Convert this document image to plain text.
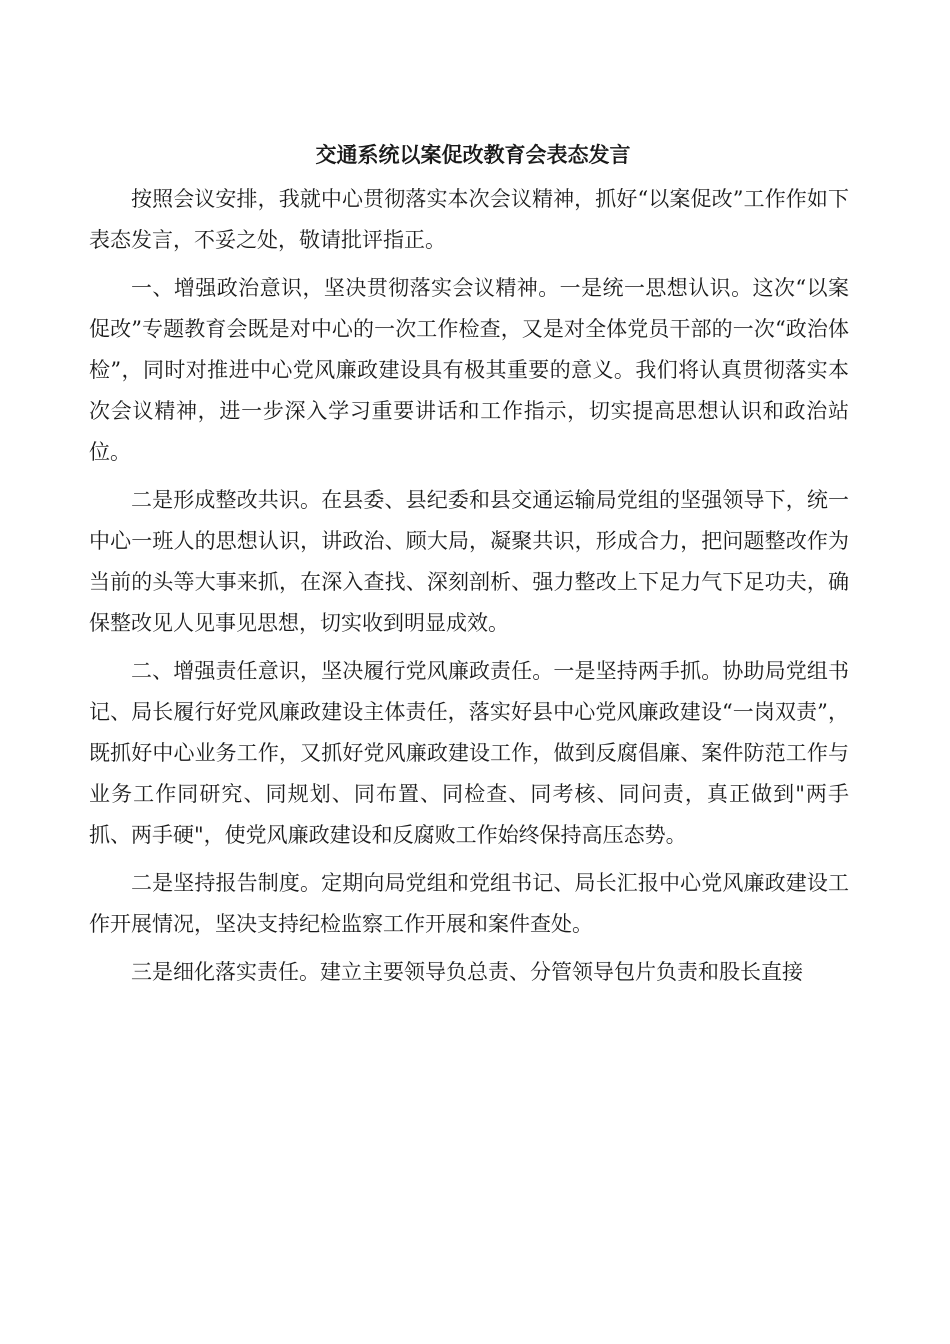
交通系统以案促改教育会表态发言

按照会议安排，我就中心贯彻落实本次会议精神，抓好“以案促改”工作作如下表态发言，不妥之处，敬请批评指正。

一、增强政治意识，坚决贯彻落实会议精神。一是统一思想认识。这次“以案促改”专题教育会既是对中心的一次工作检查，又是对全体党员干部的一次“政治体检”，同时对推进中心党风廉政建设具有极其重要的意义。我们将认真贯彻落实本次会议精神，进一步深入学习重要讲话和工作指示，切实提高思想认识和政治站位。

二是形成整改共识。在县委、县纪委和县交通运输局党组的坚强领导下，统一中心一班人的思想认识，讲政治、顾大局，凝聚共识，形成合力，把问题整改作为当前的头等大事来抓，在深入查找、深刻剖析、强力整改上下足力气下足功夫，确保整改见人见事见思想，切实收到明显成效。

二、增强责任意识，坚决履行党风廉政责任。一是坚持两手抓。协助局党组书记、局长履行好党风廉政建设主体责任，落实好县中心党风廉政建设“一岗双责”，既抓好中心业务工作，又抓好党风廉政建设工作，做到反腐倡廉、案件防范工作与业务工作同研究、同规划、同布置、同检查、同考核、同问责，真正做到"两手抓、两手硬"，使党风廉政建设和反腐败工作始终保持高压态势。

二是坚持报告制度。定期向局党组和党组书记、局长汇报中心党风廉政建设工作开展情况，坚决支持纪检监察工作开展和案件查处。

三是细化落实责任。建立主要领导负总责、分管领导包片负责和股长直接
